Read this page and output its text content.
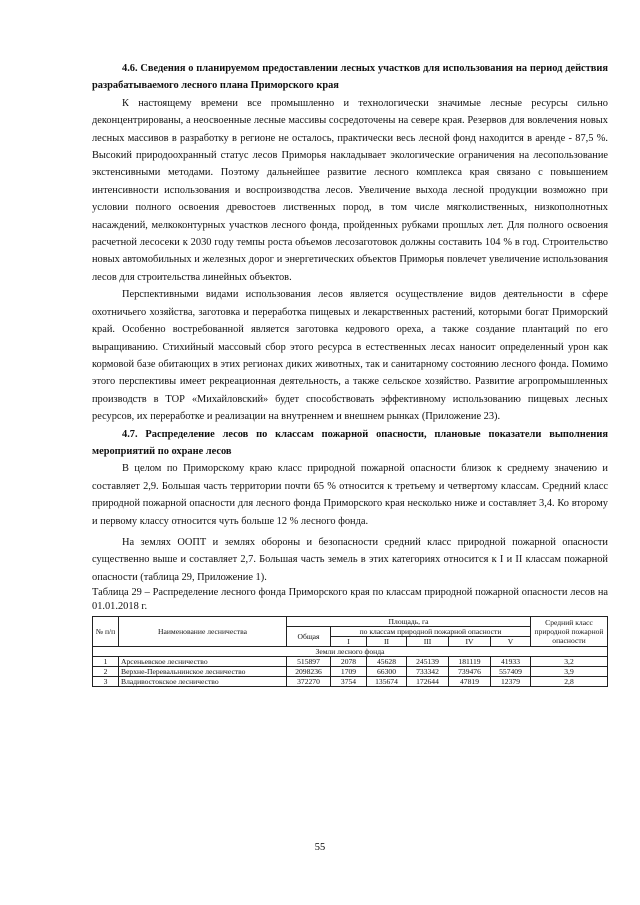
4.6. Сведения о планируемом предоставлении лесных участков для использования на период действия разрабатываемого лесного плана Приморского края

К настоящему времени все промышленно и технологически значимые лесные ресурсы сильно деконцентрированы, а неосвоенные лесные массивы сосредоточены на севере края. Резервов для вовлечения новых лесных массивов в разработку в регионе не осталось, практически весь лесной фонд находится в аренде - 87,5 %. Высокий природоохранный статус лесов Приморья накладывает экологические ограничения на лесопользование экстенсивными методами. Поэтому дальнейшее развитие лесного комплекса края связано с повышением интенсивности использования и воспроизводства лесов. Увеличение выхода лесной продукции возможно при условии полного освоения древостоев лиственных пород, в том числе мягколиственных, низкополнотных насаждений, мелкоконтурных участков лесного фонда, пройденных рубками прошлых лет. Для полного освоения расчетной лесосеки к 2030 году темпы роста объемов лесозаготовок должны составить 104 % в год. Строительство новых автомобильных и железных дорог и энергетических объектов Приморья повлечет увеличение использования лесов для строительства линейных объектов.

Перспективными видами использования лесов является осуществление видов деятельности в сфере охотничьего хозяйства, заготовка и переработка пищевых и лекарственных растений, которыми богат Приморский край. Особенно востребованной является заготовка кедрового ореха, а также создание плантаций по его выращиванию. Стихийный массовый сбор этого ресурса в естественных лесах наносит определенный урон как кормовой базе обитающих в этих регионах диких животных, так и санитарному состоянию лесного фонда. Помимо этого перспективы имеет рекреационная деятельность, а также сельское хозяйство. Развитие агропромышленных производств в ТОР «Михайловский» будет способствовать эффективному использованию пищевых лесных ресурсов, их переработке и реализации на внутреннем и внешнем рынках (Приложение 23).

4.7. Распределение лесов по классам пожарной опасности, плановые показатели выполнения мероприятий по охране лесов

В целом по Приморскому краю класс природной пожарной опасности близок к среднему значению и составляет 2,9. Большая часть территории почти 65 % относится к третьему и четвертому классам. Средний класс природной пожарной опасности для лесного фонда Приморского края несколько ниже и составляет 3,4. Ко второму и первому классу относится чуть больше 12 % лесного фонда.

На землях ООПТ и землях обороны и безопасности средний класс природной пожарной опасности существенно выше и составляет 2,7. Большая часть земель в этих категориях относится к I и II классам пожарной опасности (таблица 29, Приложение 1).

Таблица 29 – Распределение лесного фонда Приморского края по классам природной пожарной опасности лесов на 01.01.2018 г.

№ п/п	Наименование лесничества	Площадь, га						Средний класс природной пожарной опасности
		Общая	по классам природной пожарной опасности					
			I	II	III	IV	V	
Земли лесного фонда								
1	Арсеньевское лесничество	515897	2078	45628	245139	181119	41933	3,2
2	Верхне-Перевальнинское лесничество	2098236	1709	66300	733342	739476	557409	3,9
3	Владивостокское лесничество	372270	3754	135674	172644	47819	12379	2,8
55
